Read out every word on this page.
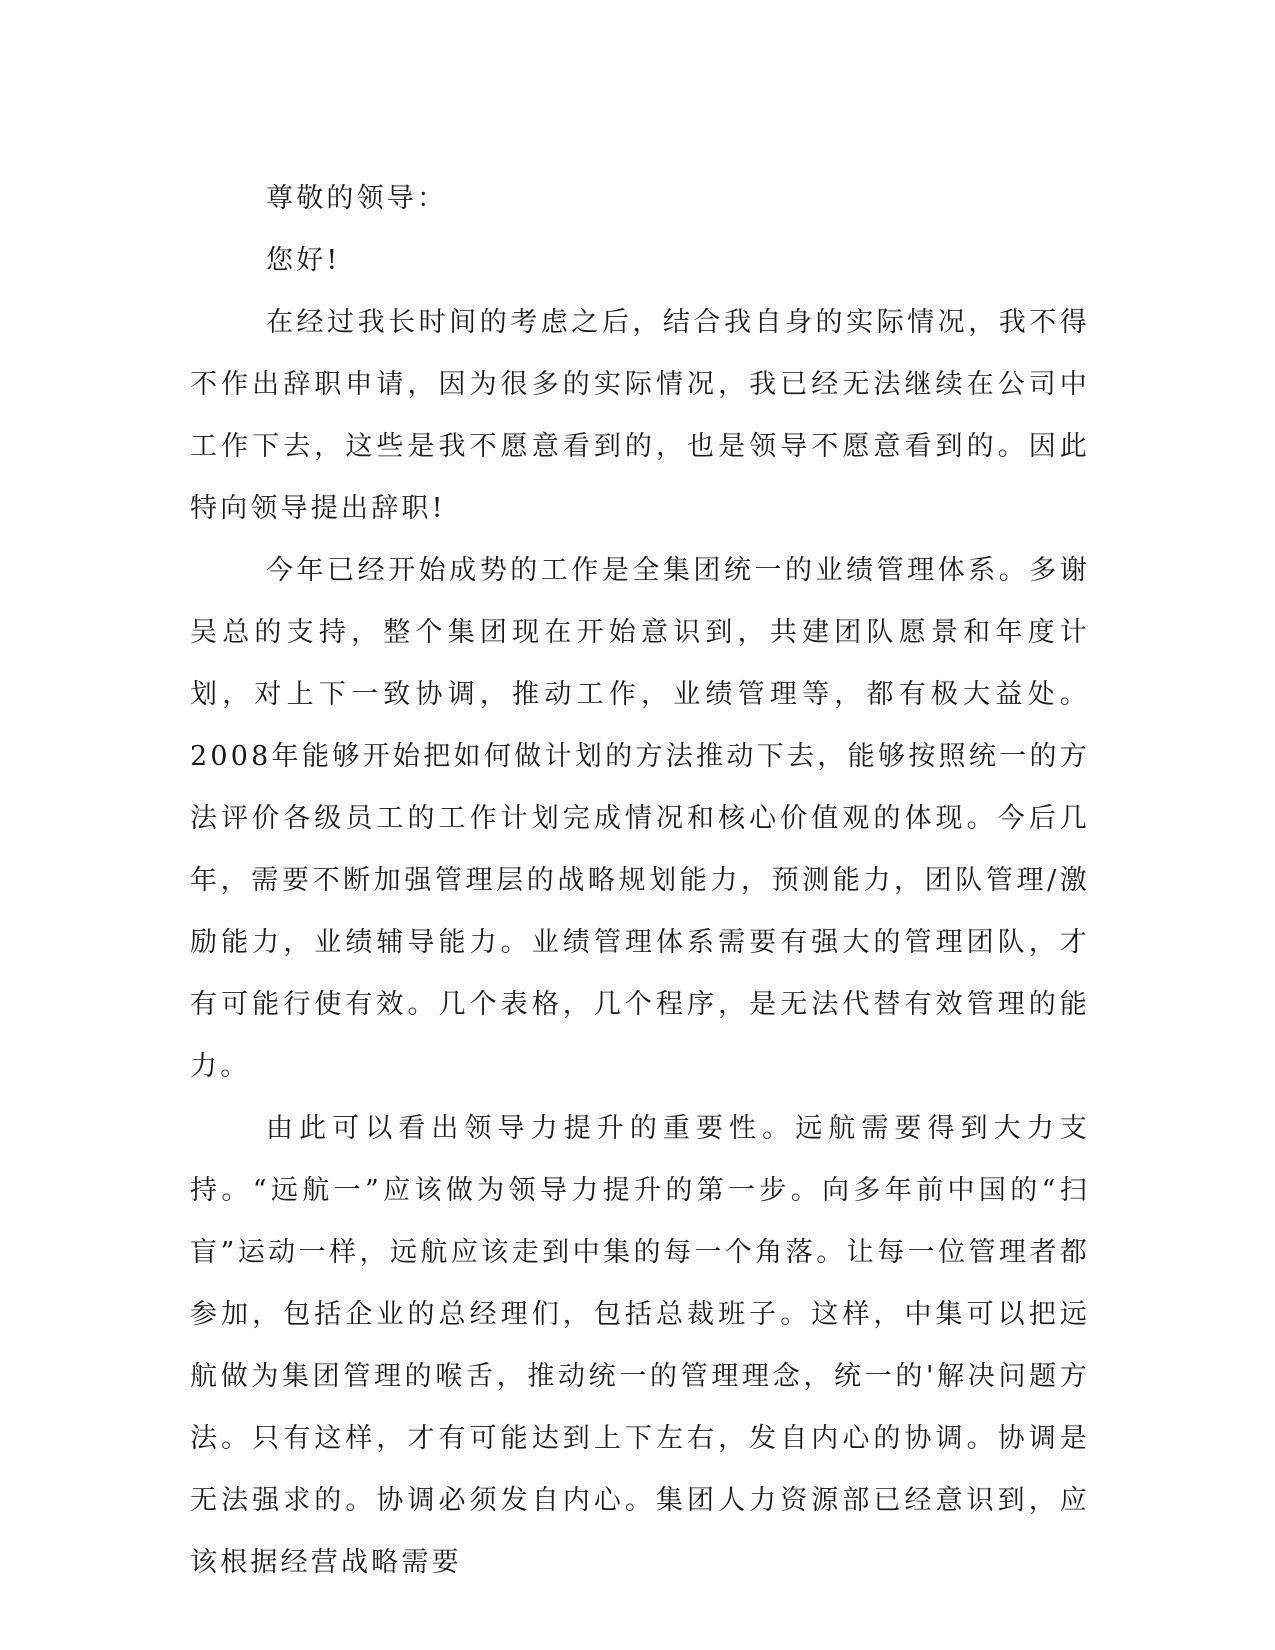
尊敬的领导：

您好!

在经过我长时间的考虑之后，结合我自身的实际情况，我不得不作出辞职申请，因为很多的实际情况，我已经无法继续在公司中工作下去，这些是我不愿意看到的，也是领导不愿意看到的。因此特向领导提出辞职!

今年已经开始成势的工作是全集团统一的业绩管理体系。多谢吴总的支持，整个集团现在开始意识到，共建团队愿景和年度计划，对上下一致协调，推动工作，业绩管理等，都有极大益处。2008年能够开始把如何做计划的方法推动下去，能够按照统一的方法评价各级员工的工作计划完成情况和核心价值观的体现。今后几年，需要不断加强管理层的战略规划能力，预测能力，团队管理/激励能力，业绩辅导能力。业绩管理体系需要有强大的管理团队，才有可能行使有效。几个表格，几个程序，是无法代替有效管理的能力。

由此可以看出领导力提升的重要性。远航需要得到大力支持。“远航一”应该做为领导力提升的第一步。向多年前中国的“扫盲”运动一样，远航应该走到中集的每一个角落。让每一位管理者都参加，包括企业的总经理们，包括总裁班子。这样，中集可以把远航做为集团管理的喉舌，推动统一的管理理念，统一的'解决问题方法。只有这样，才有可能达到上下左右，发自内心的协调。协调是无法强求的。协调必须发自内心。集团人力资源部已经意识到，应该根据经营战略需要
